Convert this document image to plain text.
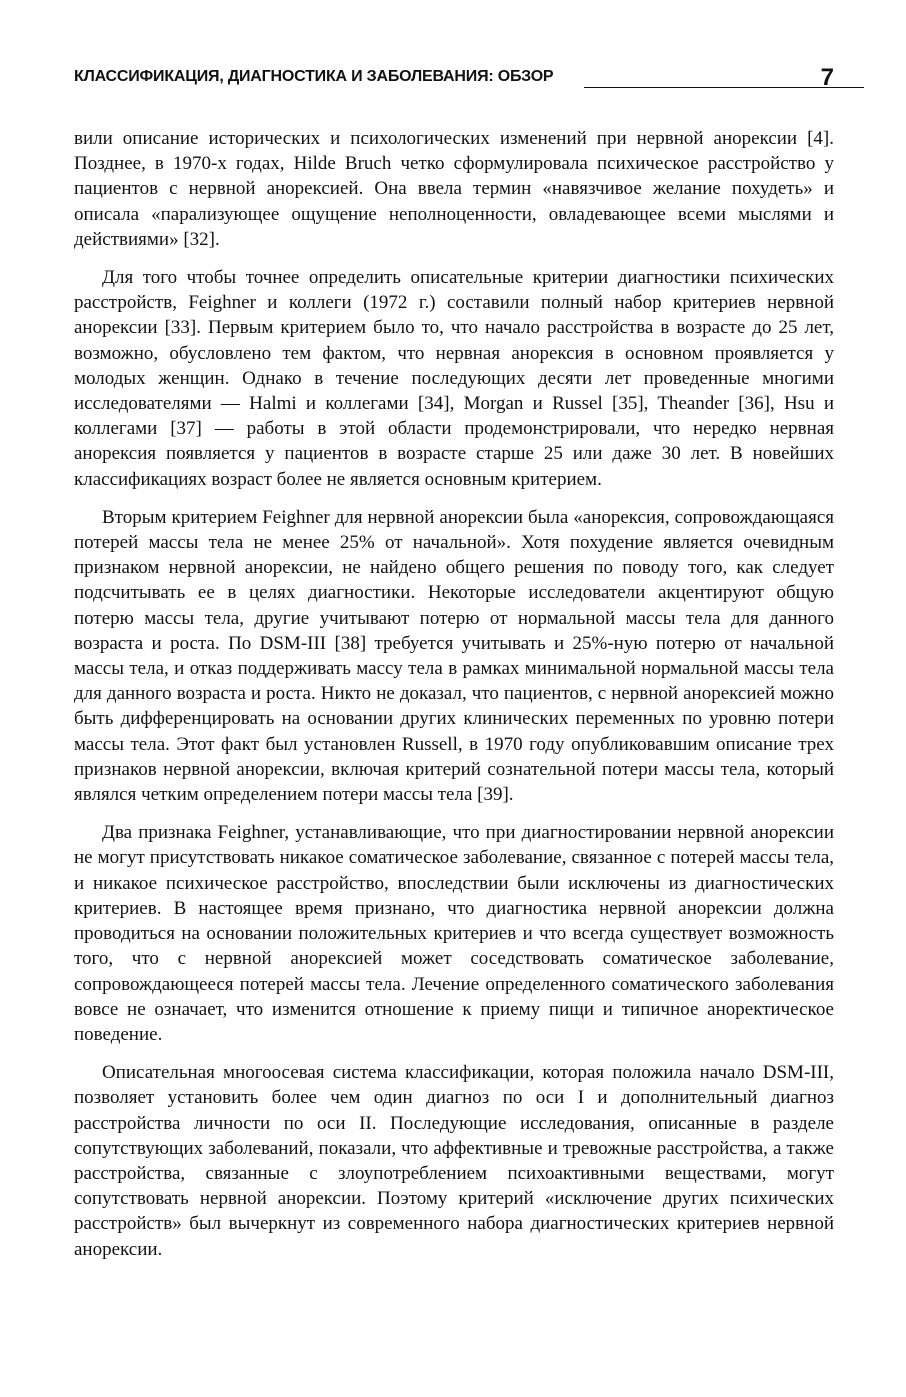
КЛАССИФИКАЦИЯ, ДИАГНОСТИКА И ЗАБОЛЕВАНИЯ: ОБЗОР	7

вили описание исторических и психологических изменений при нервной анорексии [4]. Позднее, в 1970-х годах, Hilde Bruch четко сформулировала психическое расстройство у пациентов с нервной анорексией. Она ввела термин «навязчивое желание похудеть» и описала «парализующее ощущение неполноценности, овладевающее всеми мыслями и действиями» [32].

Для того чтобы точнее определить описательные критерии диагностики психических расстройств, Feighner и коллеги (1972 г.) составили полный набор критериев нервной анорексии [33]. Первым критерием было то, что начало расстройства в возрасте до 25 лет, возможно, обусловлено тем фактом, что нервная анорексия в основном проявляется у молодых женщин. Однако в течение последующих десяти лет проведенные многими исследователями — Halmi и коллегами [34], Morgan и Russel [35], Theander [36], Hsu и коллегами [37] — работы в этой области продемонстрировали, что нередко нервная анорексия появляется у пациентов в возрасте старше 25 или даже 30 лет. В новейших классификациях возраст более не является основным критерием.

Вторым критерием Feighner для нервной анорексии была «анорексия, сопровождающаяся потерей массы тела не менее 25% от начальной». Хотя похудение является очевидным признаком нервной анорексии, не найдено общего решения по поводу того, как следует подсчитывать ее в целях диагностики. Некоторые исследователи акцентируют общую потерю массы тела, другие учитывают потерю от нормальной массы тела для данного возраста и роста. По DSM-III [38] требуется учитывать и 25%-ную потерю от начальной массы тела, и отказ поддерживать массу тела в рамках минимальной нормальной массы тела для данного возраста и роста. Никто не доказал, что пациентов, с нервной анорексией можно быть дифференцировать на основании других клинических переменных по уровню потери массы тела. Этот факт был установлен Russell, в 1970 году опубликовавшим описание трех признаков нервной анорексии, включая критерий сознательной потери массы тела, который являлся четким определением потери массы тела [39].

Два признака Feighner, устанавливающие, что при диагностировании нервной анорексии не могут присутствовать никакое соматическое заболевание, связанное с потерей массы тела, и никакое психическое расстройство, впоследствии были исключены из диагностических критериев. В настоящее время признано, что диагностика нервной анорексии должна проводиться на основании положительных критериев и что всегда существует возможность того, что с нервной анорексией может соседствовать соматическое заболевание, сопровождающееся потерей массы тела. Лечение определенного соматического заболевания вовсе не означает, что изменится отношение к приему пищи и типичное аноректическое поведение.

Описательная многоосевая система классификации, которая положила начало DSM-III, позволяет установить более чем один диагноз по оси I и дополнительный диагноз расстройства личности по оси II. Последующие исследования, описанные в разделе сопутствующих заболеваний, показали, что аффективные и тревожные расстройства, а также расстройства, связанные с злоупотреблением психоактивными веществами, могут сопутствовать нервной анорексии. Поэтому критерий «исключение других психических расстройств» был вычеркнут из современного набора диагностических критериев нервной анорексии.
